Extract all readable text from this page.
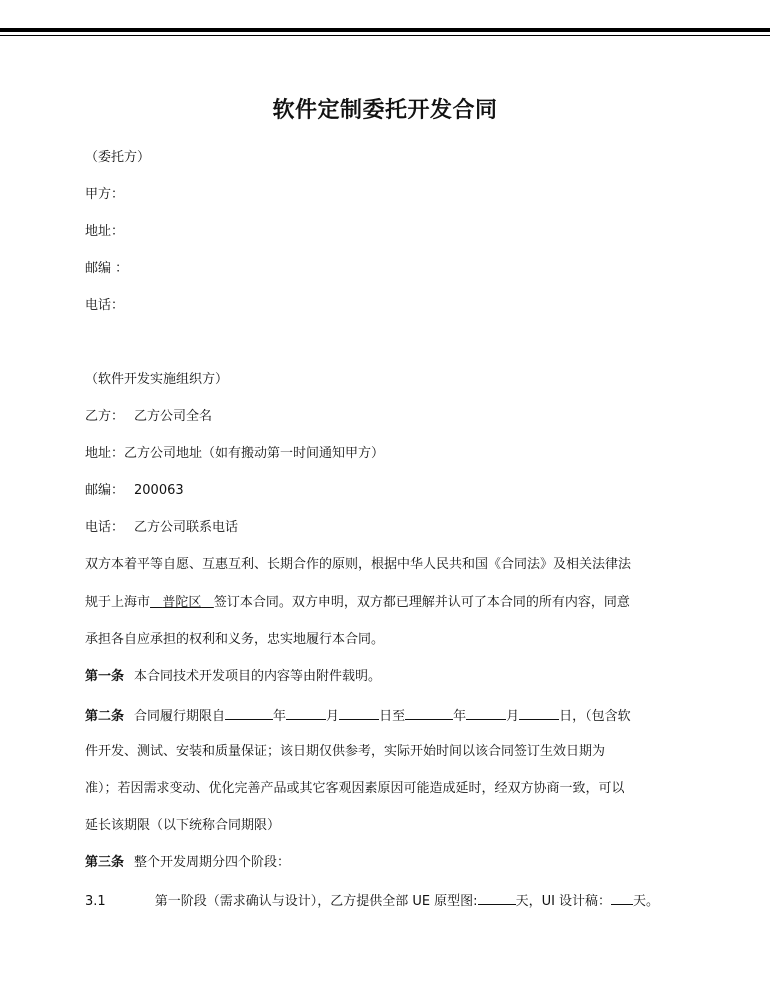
软件定制委托开发合同
（委托方）
甲方：
地址：
邮编 ：
电话：
（软件开发实施组织方）
乙方： 乙方公司全名
地址：乙方公司地址（如有搬动第一时间通知甲方）
邮编： 200063
电话： 乙方公司联系电话
双方本着平等自愿、互惠互利、长期合作的原则，根据中华人民共和国《合同法》及相关法律法
规于上海市 普陀区 签订本合同。双方申明，双方都已理解并认可了本合同的所有内容，同意
承担各自应承担的权利和义务，忠实地履行本合同。
第一条 本合同技术开发项目的内容等由附件载明。
第二条 合同履行期限自	年	月	日至	年	月	日，（包含软
件开发、测试、安装和质量保证；该日期仅供参考，实际开始时间以该合同签订生效日期为
准）；若因需求变动、优化完善产品或其它客观因素原因可能造成延时，经双方协商一致，可以
延长该期限（以下统称合同期限）
第三条 整个开发周期分四个阶段：
3.1	第一阶段（需求确认与设计），乙方提供全部 UE 原型图:	天，UI 设计稿： 天。
